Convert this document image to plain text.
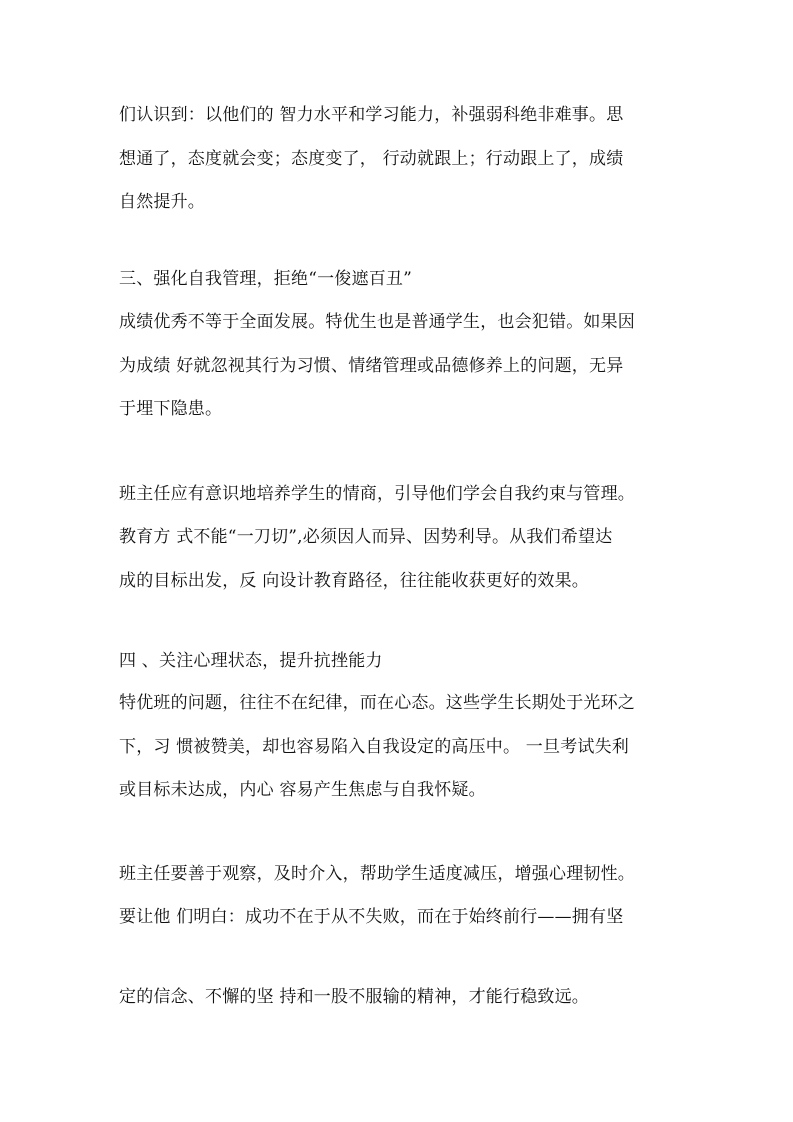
们认识到：以他们的 智力水平和学习能力，补强弱科绝非难事。思
想通了，态度就会变；态度变了， 行动就跟上；行动跟上了，成绩
自然提升。
三、强化自我管理，拒绝“一俊遮百丑”
成绩优秀不等于全面发展。特优生也是普通学生，也会犯错。如果因
为成绩 好就忽视其行为习惯、情绪管理或品德修养上的问题，无异
于埋下隐患。
班主任应有意识地培养学生的情商，引导他们学会自我约束与管理。
教育方 式不能“一刀切”,必须因人而异、因势利导。从我们希望达
成的目标出发，反 向设计教育路径，往往能收获更好的效果。
四 、关注心理状态，提升抗挫能力
特优班的问题，往往不在纪律，而在心态。这些学生长期处于光环之
下，习 惯被赞美，却也容易陷入自我设定的高压中。 一旦考试失利
或目标未达成，内心 容易产生焦虑与自我怀疑。
班主任要善于观察，及时介入，帮助学生适度减压，增强心理韧性。
要让他 们明白：成功不在于从不失败，而在于始终前行——拥有坚
定的信念、不懈的坚 持和一股不服输的精神，才能行稳致远。
